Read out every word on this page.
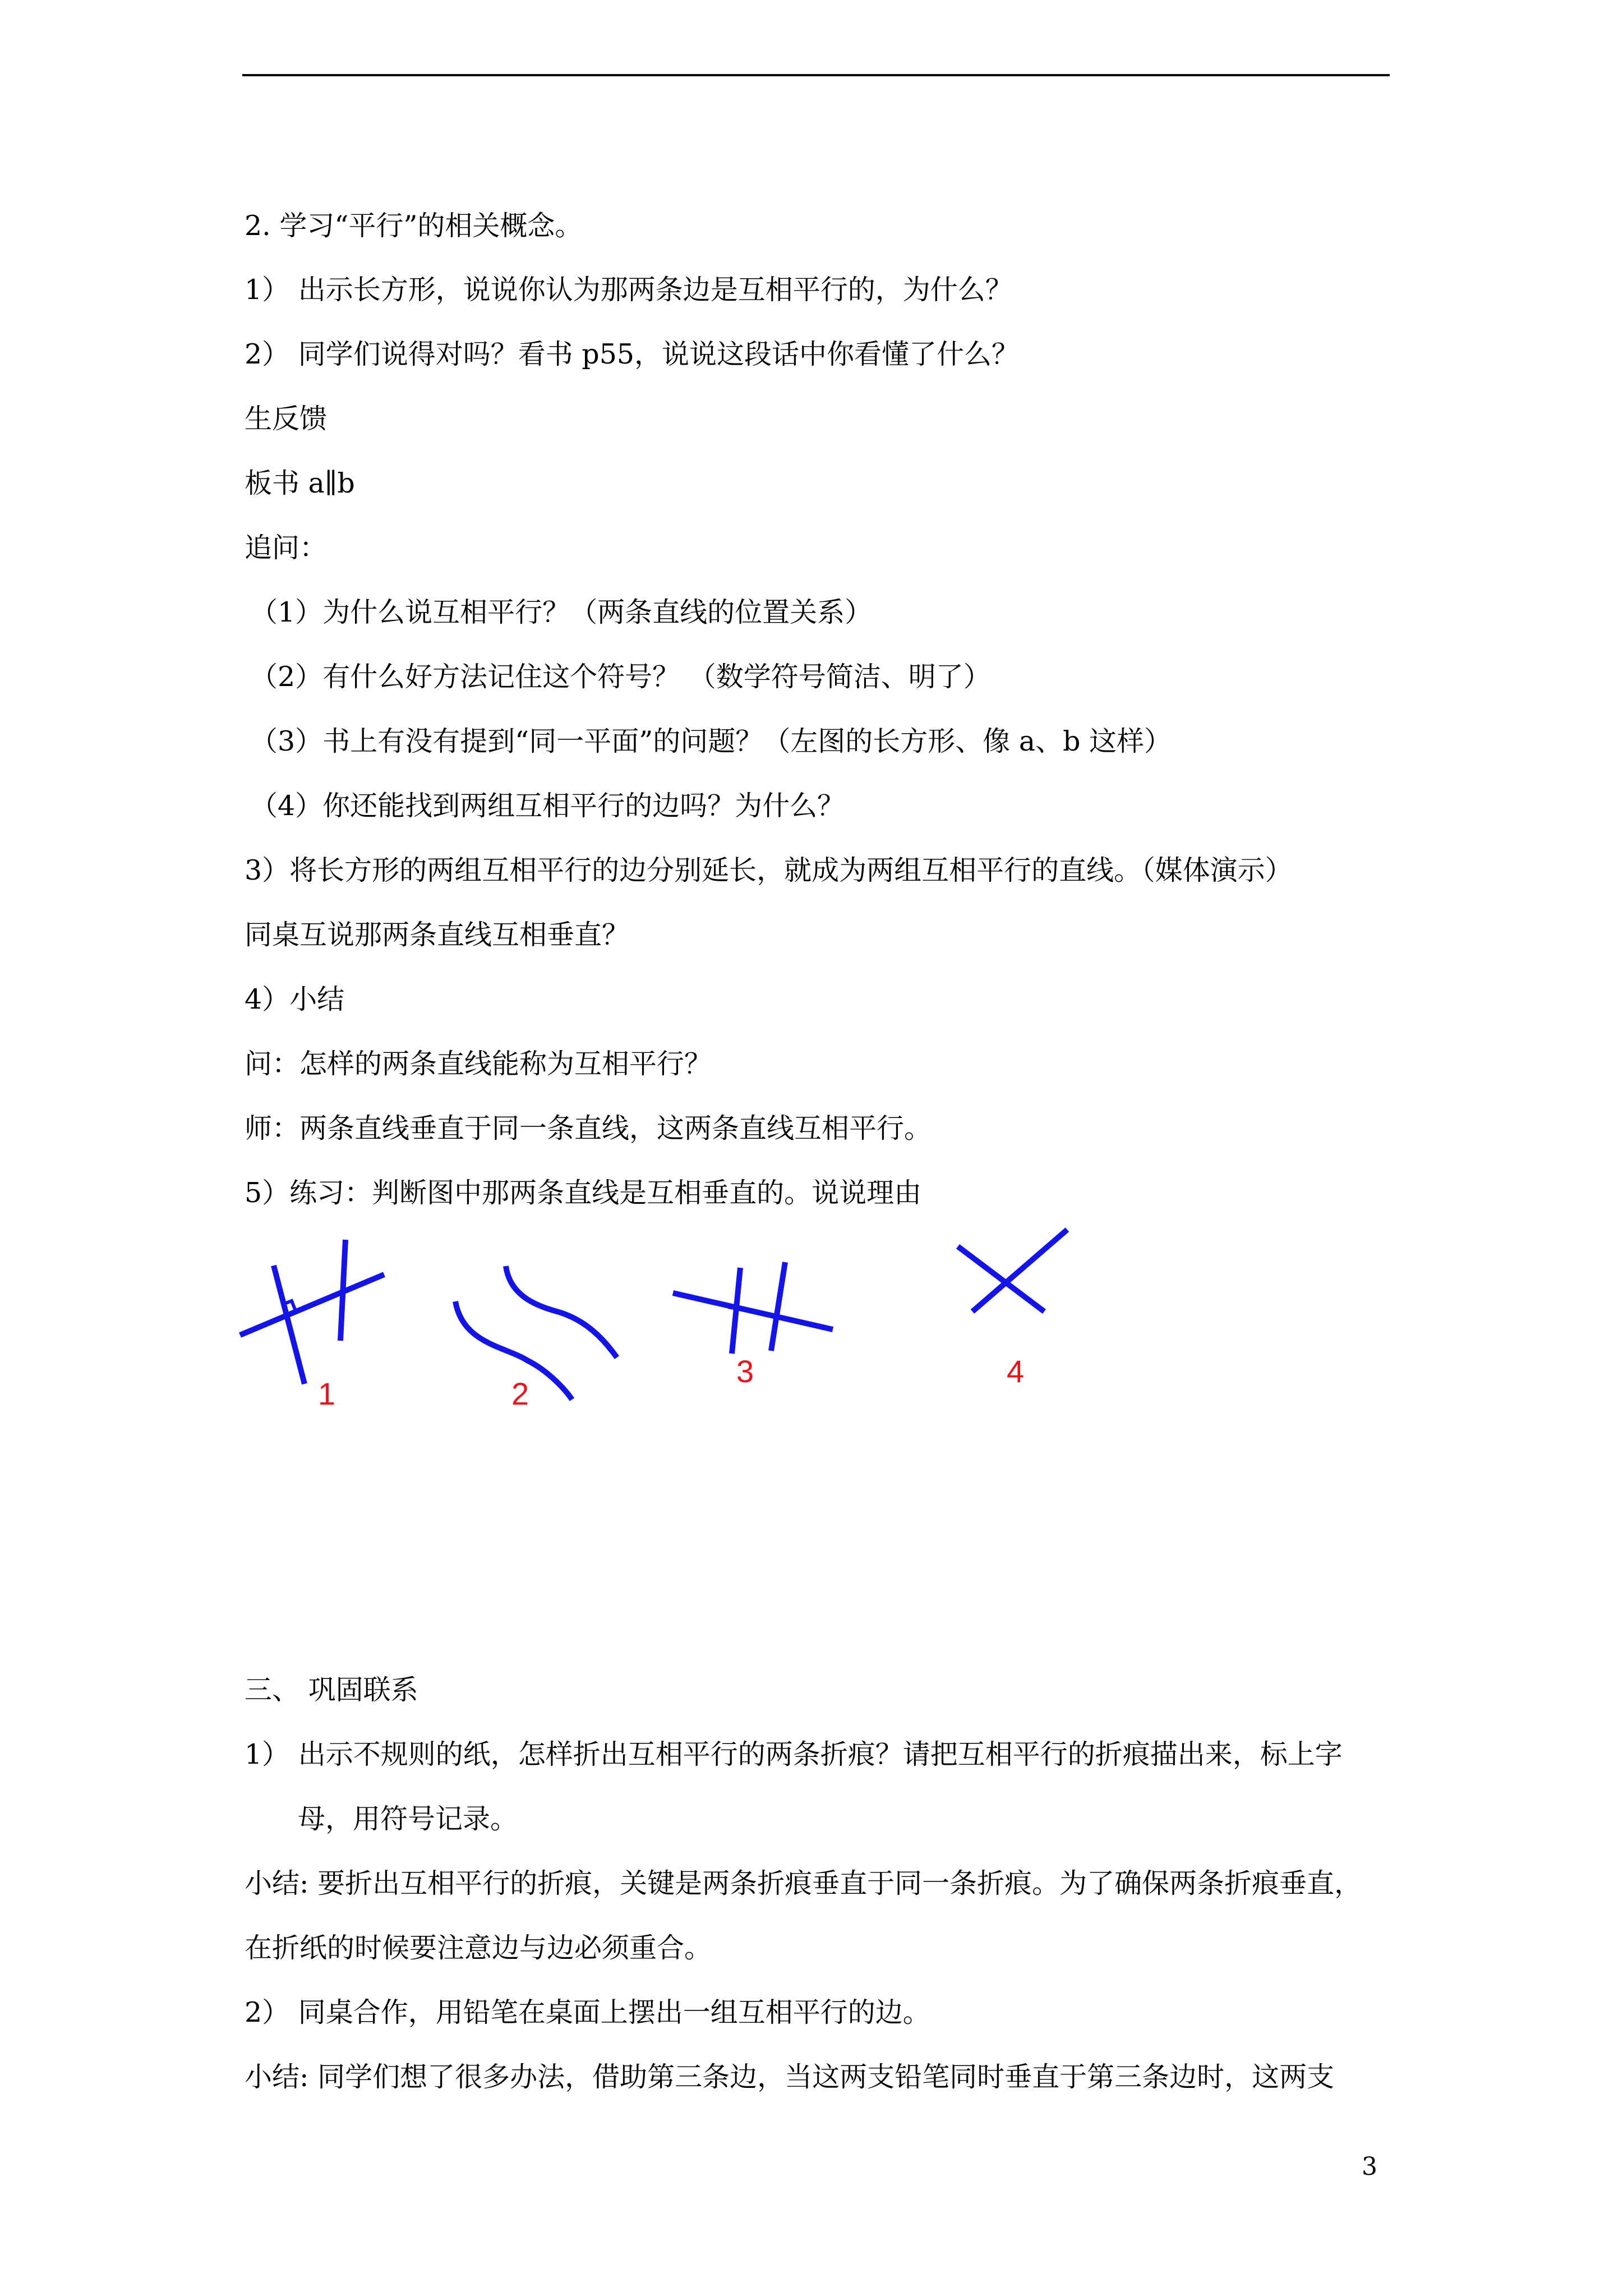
2. 学习“平行”的相关概念。
1） 出示长方形，说说你认为那两条边是互相平行的，为什么？
2） 同学们说得对吗？看书 p55，说说这段话中你看懂了什么？
生反馈
板书 a∥b
追问：
（1）为什么说互相平行？（两条直线的位置关系）
（2）有什么好方法记住这个符号？ （数学符号简洁、明了）
（3）书上有没有提到“同一平面”的问题？（左图的长方形、像 a、b 这样）
（4）你还能找到两组互相平行的边吗？为什么？
3）将长方形的两组互相平行的边分别延长，就成为两组互相平行的直线。（媒体演示）
同桌互说那两条直线互相垂直？
4）小结
问：怎样的两条直线能称为互相平行？
师：两条直线垂直于同一条直线，这两条直线互相平行。
5）练习：判断图中那两条直线是互相垂直的。说说理由
1	2
3	4
三、 巩固联系
1） 出示不规则的纸，怎样折出互相平行的两条折痕？请把互相平行的折痕描出来，标上字
母，用符号记录。
小结: 要折出互相平行的折痕，关键是两条折痕垂直于同一条折痕。为了确保两条折痕垂直，
在折纸的时候要注意边与边必须重合。
2） 同桌合作，用铅笔在桌面上摆出一组互相平行的边。
小结: 同学们想了很多办法，借助第三条边，当这两支铅笔同时垂直于第三条边时，这两支
3
